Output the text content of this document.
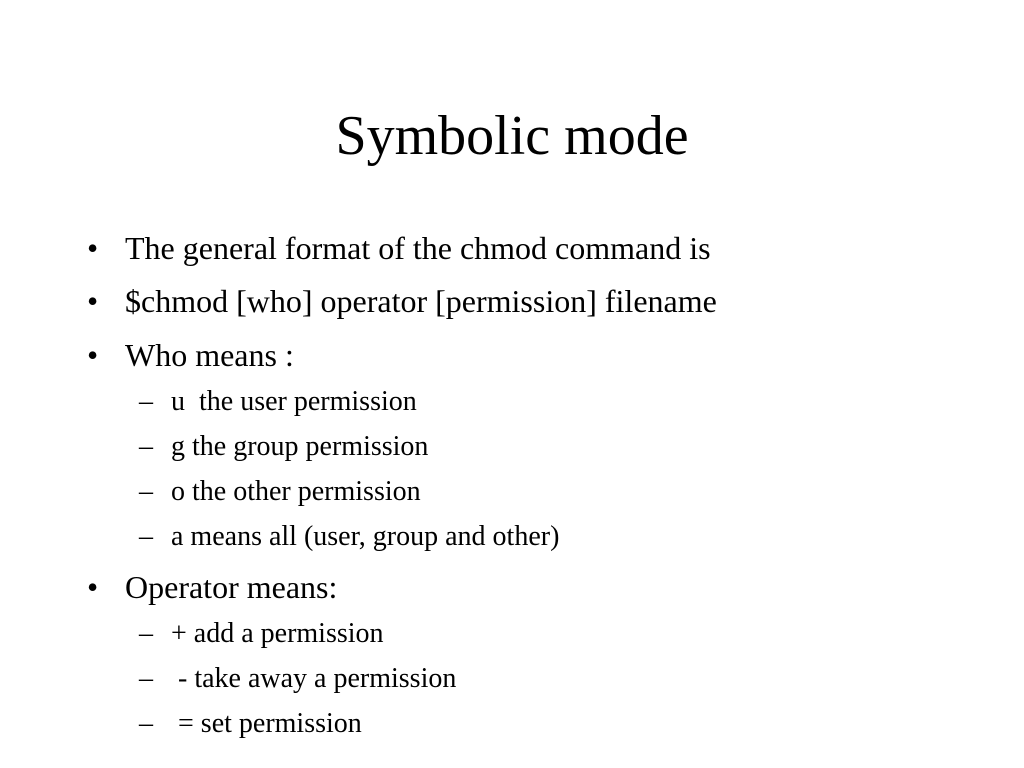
Symbolic mode
• The general format of the chmod command is
• $chmod [who] operator [permission] filename
• Who means :
– u  the user permission
– g the group permission
– o the other permission
– a means all (user, group and other)
• Operator means:
– + add a permission
– - take away a permission
– = set permission
